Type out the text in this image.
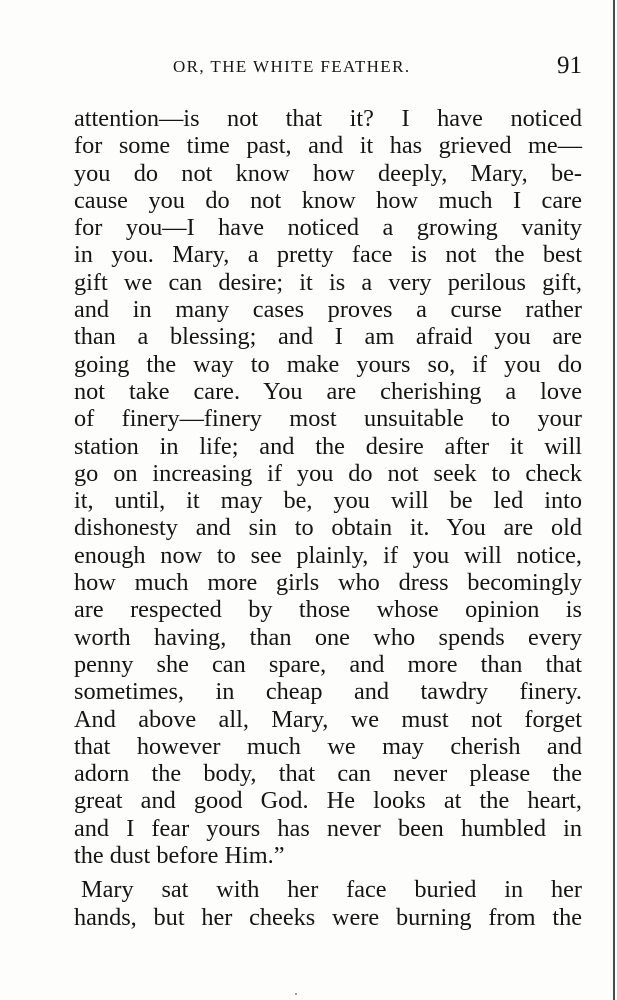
OR, THE WHITE FEATHER.	91
attention—is not that it? I have noticed
for some time past, and it has grieved me—
you do not know how deeply, Mary, be-
cause you do not know how much I care
for you—I have noticed a growing vanity
in you. Mary, a pretty face is not the best
gift we can desire; it is a very perilous gift,
and in many cases proves a curse rather
than a blessing; and I am afraid you are
going the way to make yours so, if you do
not take care. You are cherishing a love
of finery—finery most unsuitable to your
station in life; and the desire after it will
go on increasing if you do not seek to check
it, until, it may be, you will be led into
dishonesty and sin to obtain it. You are old
enough now to see plainly, if you will notice,
how much more girls who dress becomingly
are respected by those whose opinion is
worth having, than one who spends every
penny she can spare, and more than that
sometimes, in cheap and tawdry finery.
And above all, Mary, we must not forget
that however much we may cherish and
adorn the body, that can never please the
great and good God. He looks at the heart,
and I fear yours has never been humbled in
the dust before Him.”
Mary sat with her face buried in her
hands, but her cheeks were burning from the
